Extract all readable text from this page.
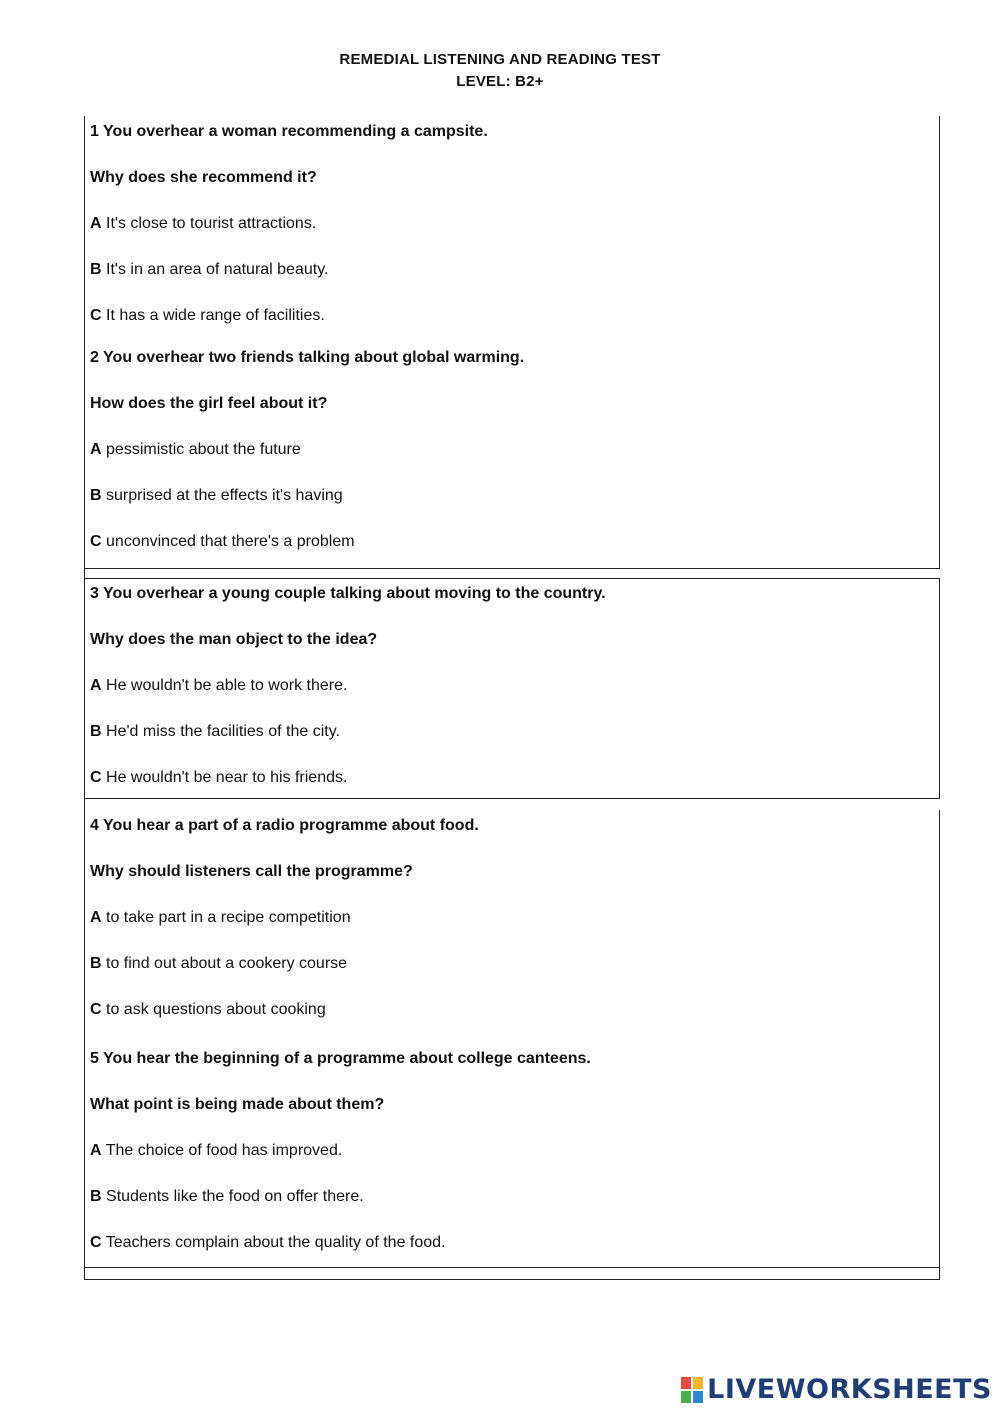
REMEDIAL LISTENING AND READING TEST
LEVEL: B2+
1 You overhear a woman recommending a campsite.
Why does she recommend it?
A It's close to tourist attractions.
B It's in an area of natural beauty.
C It has a wide range of facilities.
2 You overhear two friends talking about global warming.
How does the girl feel about it?
A pessimistic about the future
B surprised at the effects it's having
C unconvinced that there's a problem
3 You overhear a young couple talking about moving to the country.
Why does the man object to the idea?
A He wouldn't be able to work there.
B He'd miss the facilities of the city.
C He wouldn't be near to his friends.
4 You hear a part of a radio programme about food.
Why should listeners call the programme?
A to take part in a recipe competition
B to find out about a cookery course
C to ask questions about cooking
5 You hear the beginning of a programme about college canteens.
What point is being made about them?
A The choice of food has improved.
B Students like the food on offer there.
C Teachers complain about the quality of the food.
LIVEWORKSHEETS
